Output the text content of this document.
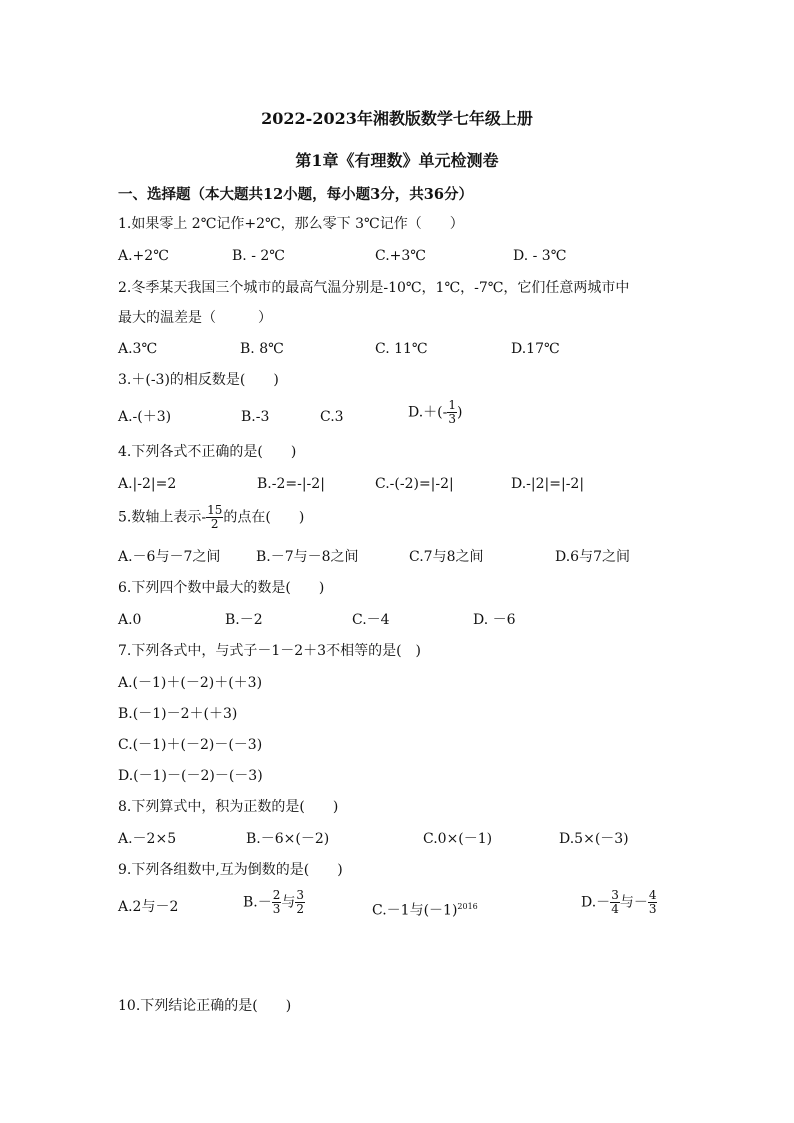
2022-2023年湘教版数学七年级上册
第1章《有理数》单元检测卷
一、选择题（本大题共12小题，每小题3分，共36分）
1.如果零上 2℃记作+2℃，那么零下 3℃记作（　　）
A.+2℃	B. - 2℃	C.+3℃	D. - 3℃
2.冬季某天我国三个城市的最高气温分别是-10℃，1℃，-7℃，它们任意两城市中
最大的温差是（　　　）
A.3℃	B. 8℃	C. 11℃	D.17℃
3.＋(-3)的相反数是(　　)
A.-(＋3)	B.-3	C.3	$D.+(- \frac{1}{3}$ )
4.下列各式不正确的是(　　)
A.|-2|=2	B.-2=-|-2|	C.-(-2)=|-2|	D.-|2|=|-2|
5.数轴上表示- $\frac{15}{2}$ 的点在(　　)
A.－6与－7之间	B.－7与－8之间	C.7与8之间	D.6与7之间
6.下列四个数中最大的数是(　　)
A.0	B.－2	C.－4	D. －6
7.下列各式中，与式子－1－2＋3不相等的是(　)
A.(－1)＋(－2)＋(＋3)
B.(－1)－2＋(＋3)
C.(－1)＋(－2)－(－3)
D.(－1)－(－2)－(－3)
8.下列算式中，积为正数的是(　　)
A.－2×5	B.－6×(－2)	C.0×(－1)	D.5×(－3)
9.下列各组数中,互为倒数的是(　　)
A.2与－2	$B.- \frac{2}{3}$ 与 $\frac{3}{2}$	C.－1与$(-1)^{2016}$	$D.- \frac{3}{4}$ 与－ $\frac{4}{3}$
10.下列结论正确的是(　　)
